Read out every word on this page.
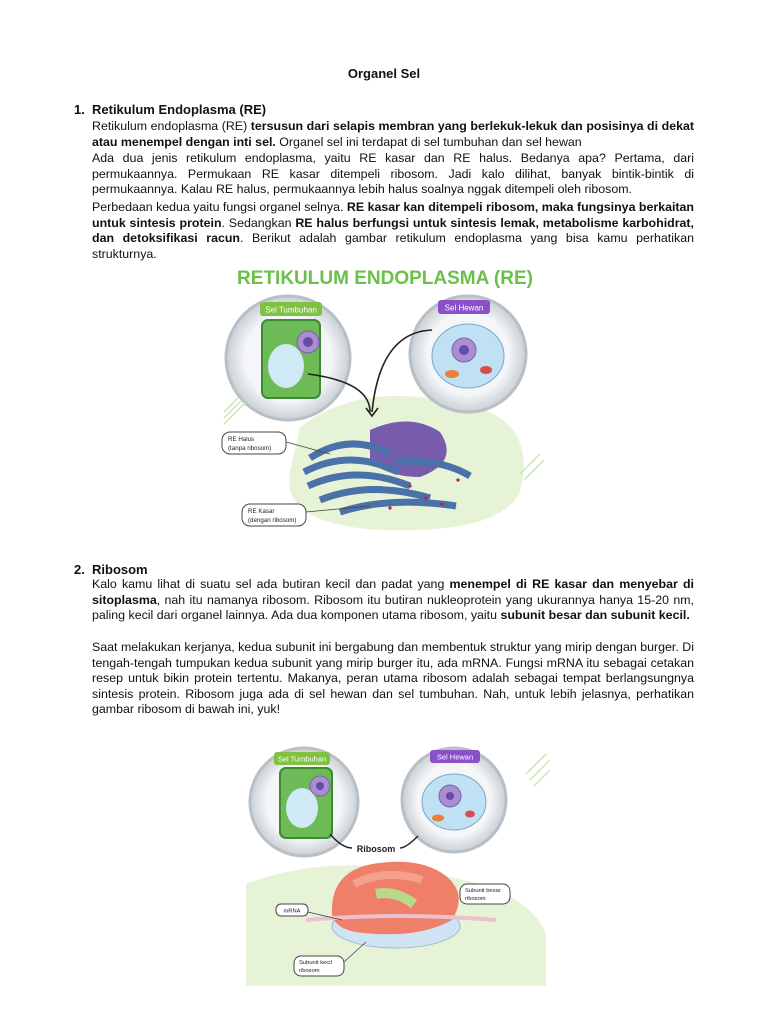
Organel Sel
1. Retikulum Endoplasma (RE)

Retikulum endoplasma (RE) tersusun dari selapis membran yang berlekuk-lekuk dan posisinya di dekat atau menempel dengan inti sel. Organel sel ini terdapat di sel tumbuhan dan sel hewan

Ada dua jenis retikulum endoplasma, yaitu RE kasar dan RE halus. Bedanya apa? Pertama, dari permukaannya. Permukaan RE kasar ditempeli ribosom. Jadi kalo dilihat, banyak bintik-bintik di permukaannya. Kalau RE halus, permukaannya lebih halus soalnya nggak ditempeli oleh ribosom.

Perbedaan kedua yaitu fungsi organel selnya. RE kasar kan ditempeli ribosom, maka fungsinya berkaitan untuk sintesis protein. Sedangkan RE halus berfungsi untuk sintesis lemak, metabolisme karbohidrat, dan detoksifikasi racun. Berikut adalah gambar retikulum endoplasma yang bisa kamu perhatikan strukturnya.

RETIKULUM ENDOPLASMA (RE)
Sel Tumbuhan	Sel Hewan
RE Halus
(tanpa ribosom)
RE Kasar
(dengan ribosom)
2. Ribosom

Kalo kamu lihat di suatu sel ada butiran kecil dan padat yang menempel di RE kasar dan menyebar di sitoplasma, nah itu namanya ribosom. Ribosom itu butiran nukleoprotein yang ukurannya hanya 15-20 nm, paling kecil dari organel lainnya. Ada dua komponen utama ribosom, yaitu subunit besar dan subunit kecil.

Saat melakukan kerjanya, kedua subunit ini bergabung dan membentuk struktur yang mirip dengan burger. Di tengah-tengah tumpukan kedua subunit yang mirip burger itu, ada mRNA. Fungsi mRNA itu sebagai cetakan resep untuk bikin protein tertentu. Makanya, peran utama ribosom adalah sebagai tempat berlangsungnya sintesis protein. Ribosom juga ada di sel hewan dan sel tumbuhan. Nah, untuk lebih jelasnya, perhatikan gambar ribosom di bawah ini, yuk!

Sel Tumbuhan	Sel Hewan
Ribosom
Subunit besar
ribosom
mRNA
Subunit kecil
ribosom
